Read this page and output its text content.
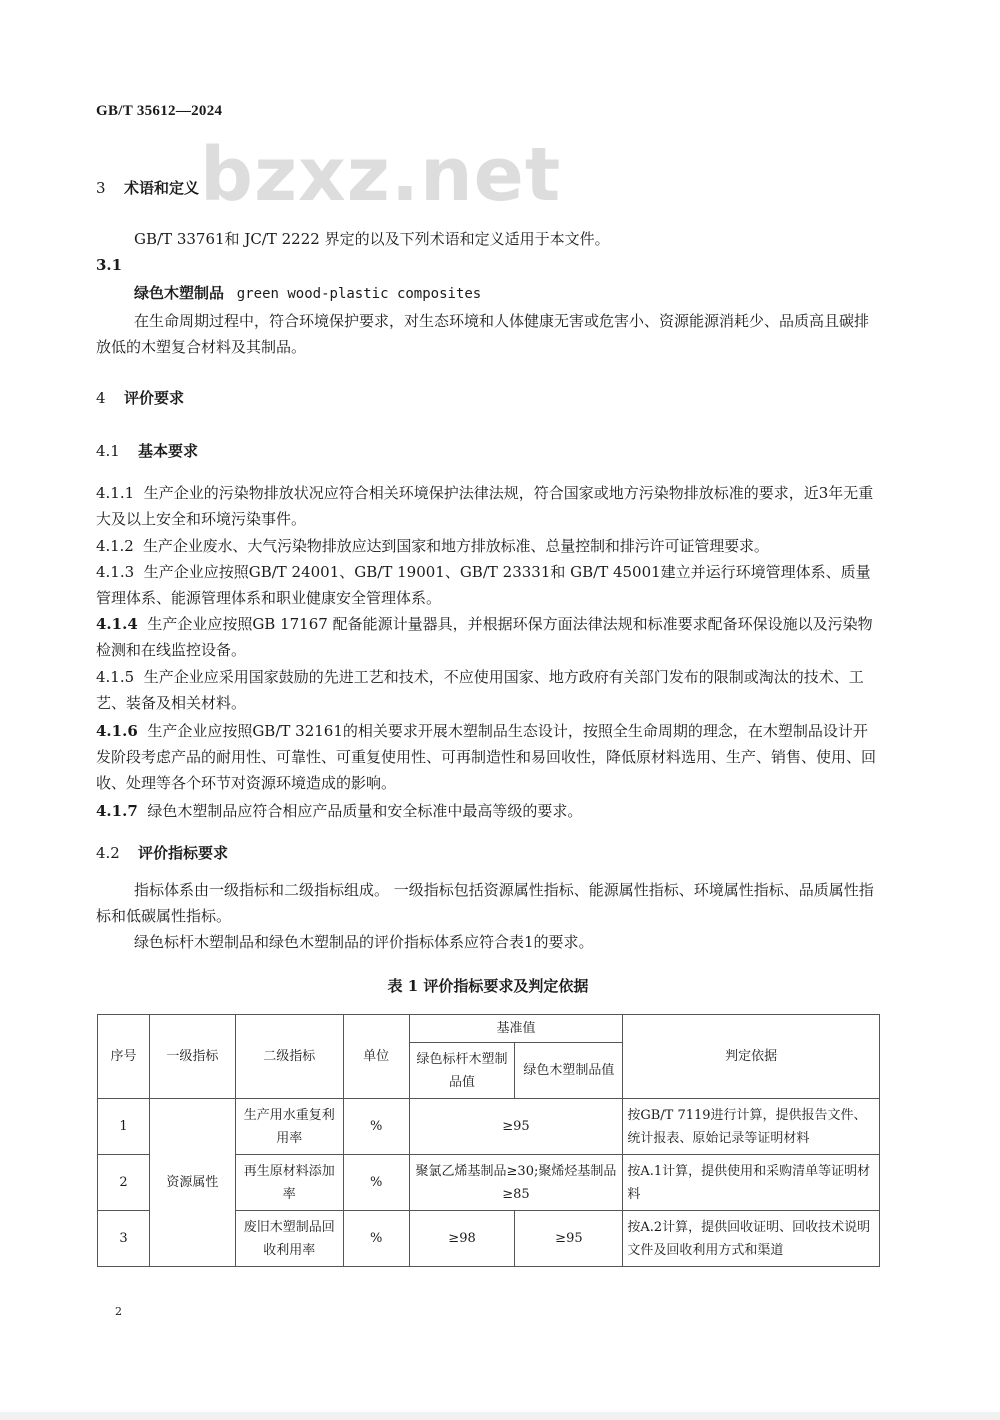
GB/T 35612—2024
bzxz.net
3 术语和定义
GB/T 33761和 JC/T 2222 界定的以及下列术语和定义适用于本文件。
3.1
绿色木塑制品 green wood-plastic composites
在生命周期过程中，符合环境保护要求，对生态环境和人体健康无害或危害小、资源能源消耗少、品质高且碳排放低的木塑复合材料及其制品。
4 评价要求
4.1 基本要求
4.1.1 生产企业的污染物排放状况应符合相关环境保护法律法规，符合国家或地方污染物排放标准的要求，近3年无重大及以上安全和环境污染事件。
4.1.2 生产企业废水、大气污染物排放应达到国家和地方排放标准、总量控制和排污许可证管理要求。
4.1.3 生产企业应按照GB/T 24001、GB/T 19001、GB/T 23331和 GB/T 45001建立并运行环境管理体系、质量管理体系、能源管理体系和职业健康安全管理体系。
4.1.4 生产企业应按照GB 17167 配备能源计量器具，并根据环保方面法律法规和标准要求配备环保设施以及污染物检测和在线监控设备。
4.1.5 生产企业应采用国家鼓励的先进工艺和技术，不应使用国家、地方政府有关部门发布的限制或淘汰的技术、工艺、装备及相关材料。
4.1.6 生产企业应按照GB/T 32161的相关要求开展木塑制品生态设计，按照全生命周期的理念，在木塑制品设计开发阶段考虑产品的耐用性、可靠性、可重复使用性、可再制造性和易回收性，降低原材料选用、生产、销售、使用、回收、处理等各个环节对资源环境造成的影响。
4.1.7 绿色木塑制品应符合相应产品质量和安全标准中最高等级的要求。
4.2 评价指标要求
指标体系由一级指标和二级指标组成。 一级指标包括资源属性指标、能源属性指标、环境属性指标、品质属性指标和低碳属性指标。
绿色标杆木塑制品和绿色木塑制品的评价指标体系应符合表1的要求。
表 1 评价指标要求及判定依据
序号	一级指标	二级指标	单位	基准值		判定依据
				绿色标杆木塑制品值	绿色木塑制品值	
1	资源属性	生产用水重复利用率	%	≥95		按GB/T 7119进行计算，提供报告文件、统计报表、原始记录等证明材料
2		再生原材料添加率	%	聚氯乙烯基制品≥30;聚烯烃基制品≥85		按A.1计算，提供使用和采购清单等证明材料
3		废旧木塑制品回收利用率	%	≥98	≥95	按A.2计算，提供回收证明、回收技术说明文件及回收利用方式和渠道
2
